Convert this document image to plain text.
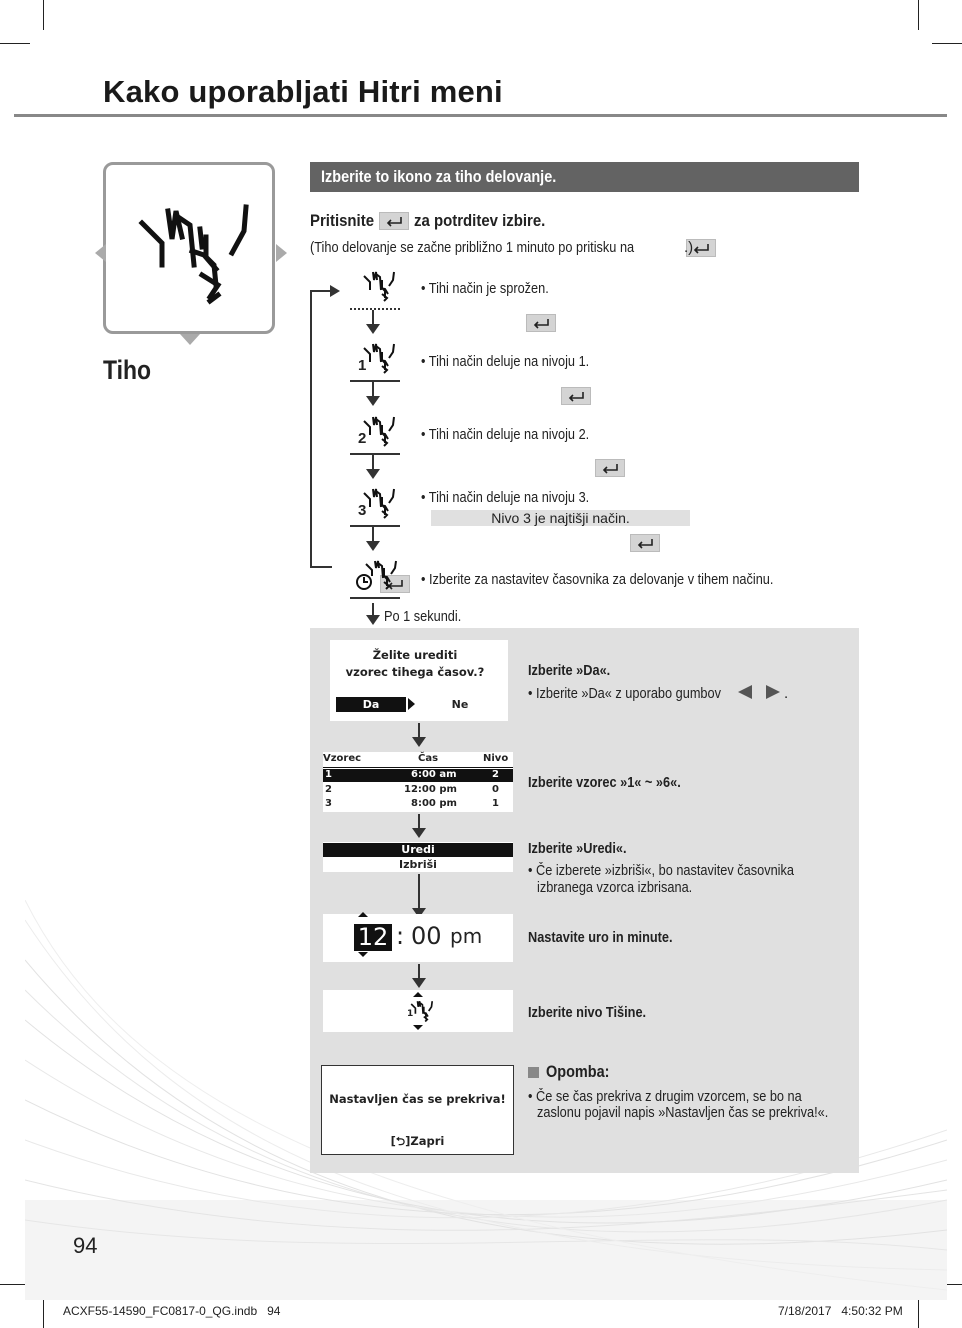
Kako uporabljati Hitri meni
Tiho
Izberite to ikono za tiho delovanje.
Pritisnite
	za potrditev izbire.
(Tiho delovanje se začne približno 1 minuto po pritisku na
	.)

• Tihi način je sprožen.

1	• Tihi način deluje na nivoju 1.

2	• Tihi način deluje na nivoju 2.

3
• Tihi način deluje na nivoju 3.
Nivo 3 je najtišji način.
• Izberite za nastavitev časovnika za delovanje v tihem načinu.
Po 1 sekundi.
Želite urediti
vzorec tihega časov.?
Da	Ne
Izberite »Da«.
• Izberite »Da« z uporabo gumbov	.
Vzorec	Čas	Nivo
1	6:00 am	2
2	12:00 pm	0
3	8:00 pm	1
Izberite vzorec »1« ~ »6«.
Uredi
Izbriši
Izberite »Uredi«.
• Če izberete »izbriši«, bo nastavitev časovnika
izbranega vzorca izbrisana.
12 : 00 pm	Nastavite uro in minute.
1	Izberite nivo Tišine.
Nastavljen čas se prekriva!
[⮌]Zapri
Opomba:
• Če se čas prekriva z drugim vzorcem, se bo na
zaslonu pojavil napis »Nastavljen čas se prekriva!«.
94
ACXF55-14590_FC0817-0_QG.indb   94	7/18/2017   4:50:32 PM
